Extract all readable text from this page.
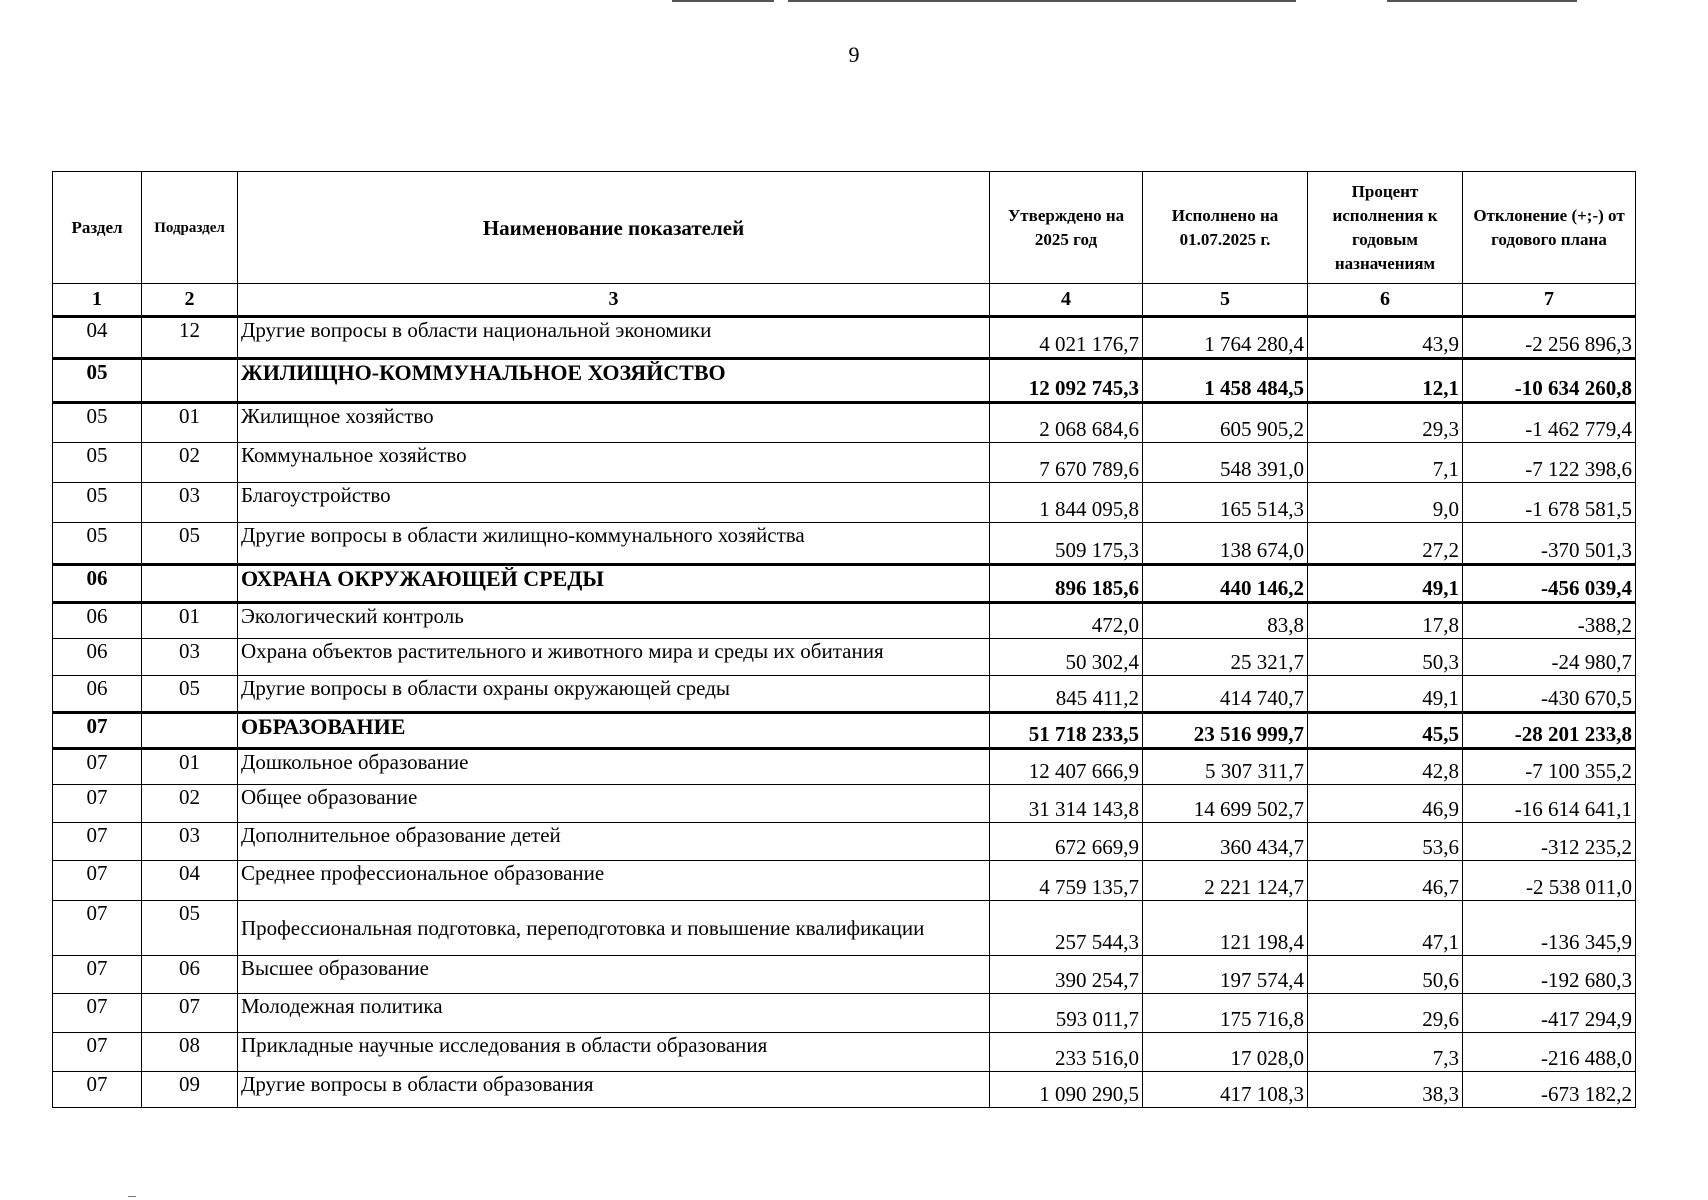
9
Раздел	Подраздел	Наименование показателей	Утверждено на 2025 год	Исполнено на 01.07.2025 г.	Процент исполнения к годовым назначениям	Отклонение (+;-) от годового плана
1	2	3	4	5	6	7
04	12	Другие вопросы в области национальной экономики	4 021 176,7	1 764 280,4	43,9	-2 256 896,3
05		ЖИЛИЩНО-КОММУНАЛЬНОЕ ХОЗЯЙСТВО	12 092 745,3	1 458 484,5	12,1	-10 634 260,8
05	01	Жилищное хозяйство	2 068 684,6	605 905,2	29,3	-1 462 779,4
05	02	Коммунальное хозяйство	7 670 789,6	548 391,0	7,1	-7 122 398,6
05	03	Благоустройство	1 844 095,8	165 514,3	9,0	-1 678 581,5
05	05	Другие вопросы в области жилищно-коммунального хозяйства	509 175,3	138 674,0	27,2	-370 501,3
06		ОХРАНА ОКРУЖАЮЩЕЙ СРЕДЫ	896 185,6	440 146,2	49,1	-456 039,4
06	01	Экологический контроль	472,0	83,8	17,8	-388,2
06	03	Охрана объектов растительного и животного мира и среды их обитания	50 302,4	25 321,7	50,3	-24 980,7
06	05	Другие вопросы в области охраны окружающей среды	845 411,2	414 740,7	49,1	-430 670,5
07		ОБРАЗОВАНИЕ	51 718 233,5	23 516 999,7	45,5	-28 201 233,8
07	01	Дошкольное образование	12 407 666,9	5 307 311,7	42,8	-7 100 355,2
07	02	Общее образование	31 314 143,8	14 699 502,7	46,9	-16 614 641,1
07	03	Дополнительное образование детей	672 669,9	360 434,7	53,6	-312 235,2
07	04	Среднее профессиональное образование	4 759 135,7	2 221 124,7	46,7	-2 538 011,0
07	05	Профессиональная подготовка, переподготовка и повышение квалификации	257 544,3	121 198,4	47,1	-136 345,9
07	06	Высшее образование	390 254,7	197 574,4	50,6	-192 680,3
07	07	Молодежная политика	593 011,7	175 716,8	29,6	-417 294,9
07	08	Прикладные научные исследования в области образования	233 516,0	17 028,0	7,3	-216 488,0
07	09	Другие вопросы в области образования	1 090 290,5	417 108,3	38,3	-673 182,2
